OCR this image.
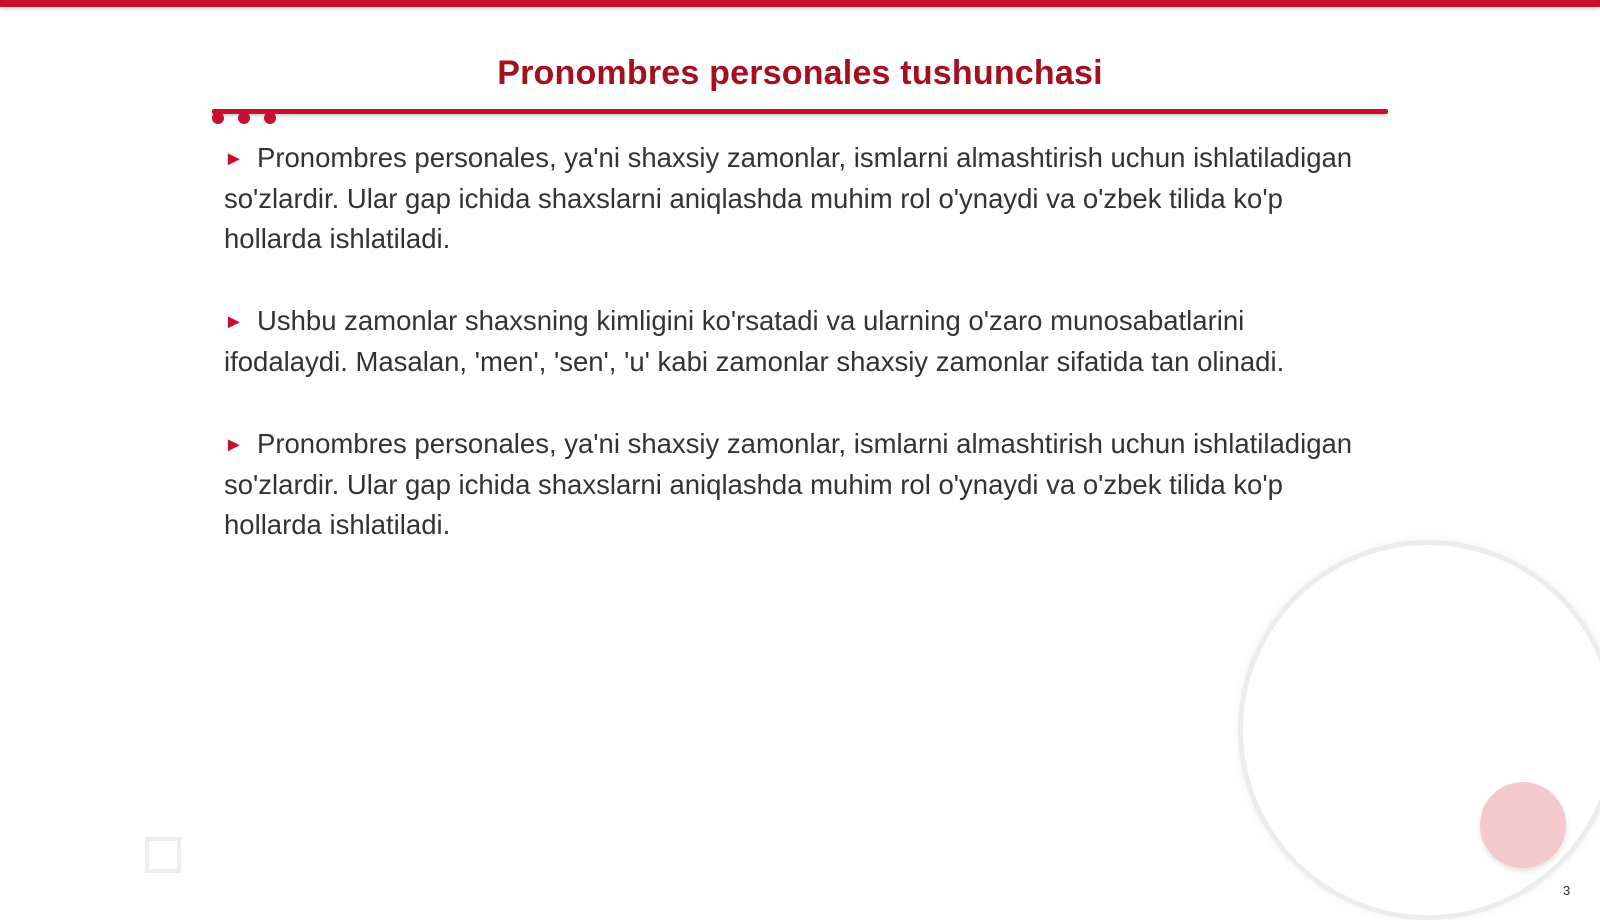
Pronombres personales tushunchasi
► Pronombres personales, ya'ni shaxsiy zamonlar, ismlarni almashtirish uchun ishlatiladigan so'zlardir. Ular gap ichida shaxslarni aniqlashda muhim rol o'ynaydi va o'zbek tilida ko'p hollarda ishlatiladi.
► Ushbu zamonlar shaxsning kimligini ko'rsatadi va ularning o'zaro munosabatlarini ifodalaydi. Masalan, 'men', 'sen', 'u' kabi zamonlar shaxsiy zamonlar sifatida tan olinadi.
► Pronombres personales, ya'ni shaxsiy zamonlar, ismlarni almashtirish uchun ishlatiladigan so'zlardir. Ular gap ichida shaxslarni aniqlashda muhim rol o'ynaydi va o'zbek tilida ko'p hollarda ishlatiladi.
3
